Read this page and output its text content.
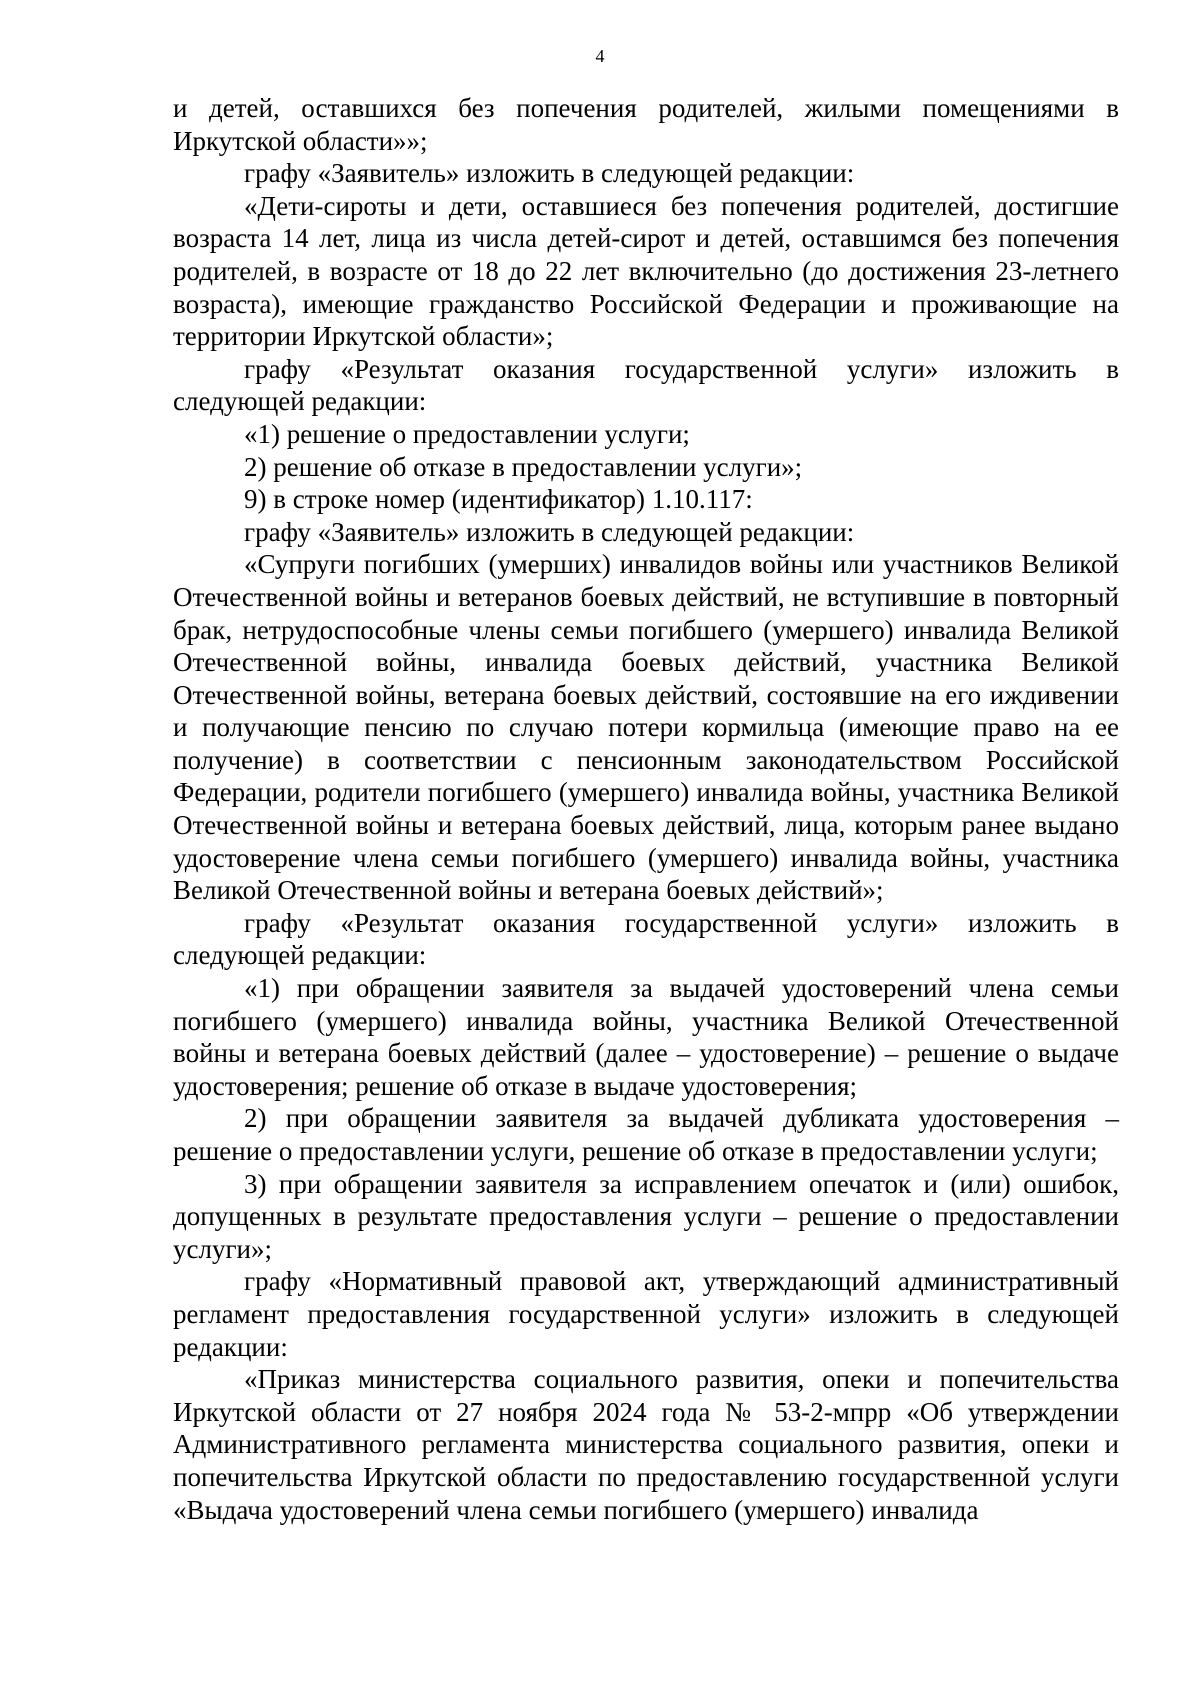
4

и детей, оставшихся без попечения родителей, жилыми помещениями в Иркутской области»»;

графу «Заявитель» изложить в следующей редакции:

«Дети-сироты и дети, оставшиеся без попечения родителей, достигшие возраста 14 лет, лица из числа детей-сирот и детей, оставшимся без попечения родителей, в возрасте от 18 до 22 лет включительно (до достижения 23-летнего возраста), имеющие гражданство Российской Федерации и проживающие на территории Иркутской области»;

графу «Результат оказания государственной услуги» изложить в следующей редакции:

«1) решение о предоставлении услуги;

2) решение об отказе в предоставлении услуги»;

9) в строке номер (идентификатор) 1.10.117:

графу «Заявитель» изложить в следующей редакции:

«Супруги погибших (умерших) инвалидов войны или участников Великой Отечественной войны и ветеранов боевых действий, не вступившие в повторный брак, нетрудоспособные члены семьи погибшего (умершего) инвалида Великой Отечественной войны, инвалида боевых действий, участника Великой Отечественной войны, ветерана боевых действий, состоявшие на его иждивении и получающие пенсию по случаю потери кормильца (имеющие право на ее получение) в соответствии с пенсионным законодательством Российской Федерации, родители погибшего (умершего) инвалида войны, участника Великой Отечественной войны и ветерана боевых действий, лица, которым ранее выдано удостоверение члена семьи погибшего (умершего) инвалида войны, участника Великой Отечественной войны и ветерана боевых действий»;

графу «Результат оказания государственной услуги» изложить в следующей редакции:

«1) при обращении заявителя за выдачей удостоверений члена семьи погибшего (умершего) инвалида войны, участника Великой Отечественной войны и ветерана боевых действий (далее – удостоверение) – решение о выдаче удостоверения; решение об отказе в выдаче удостоверения;

2) при обращении заявителя за выдачей дубликата удостоверения – решение о предоставлении услуги, решение об отказе в предоставлении услуги;

3) при обращении заявителя за исправлением опечаток и (или) ошибок, допущенных в результате предоставления услуги – решение о предоставлении услуги»;

графу «Нормативный правовой акт, утверждающий административный регламент предоставления государственной услуги» изложить в следующей редакции:

«Приказ министерства социального развития, опеки и попечительства Иркутской области от 27 ноября 2024 года № 53-2-мпрр «Об утверждении Административного регламента министерства социального развития, опеки и попечительства Иркутской области по предоставлению государственной услуги «Выдача удостоверений члена семьи погибшего (умершего) инвалида
